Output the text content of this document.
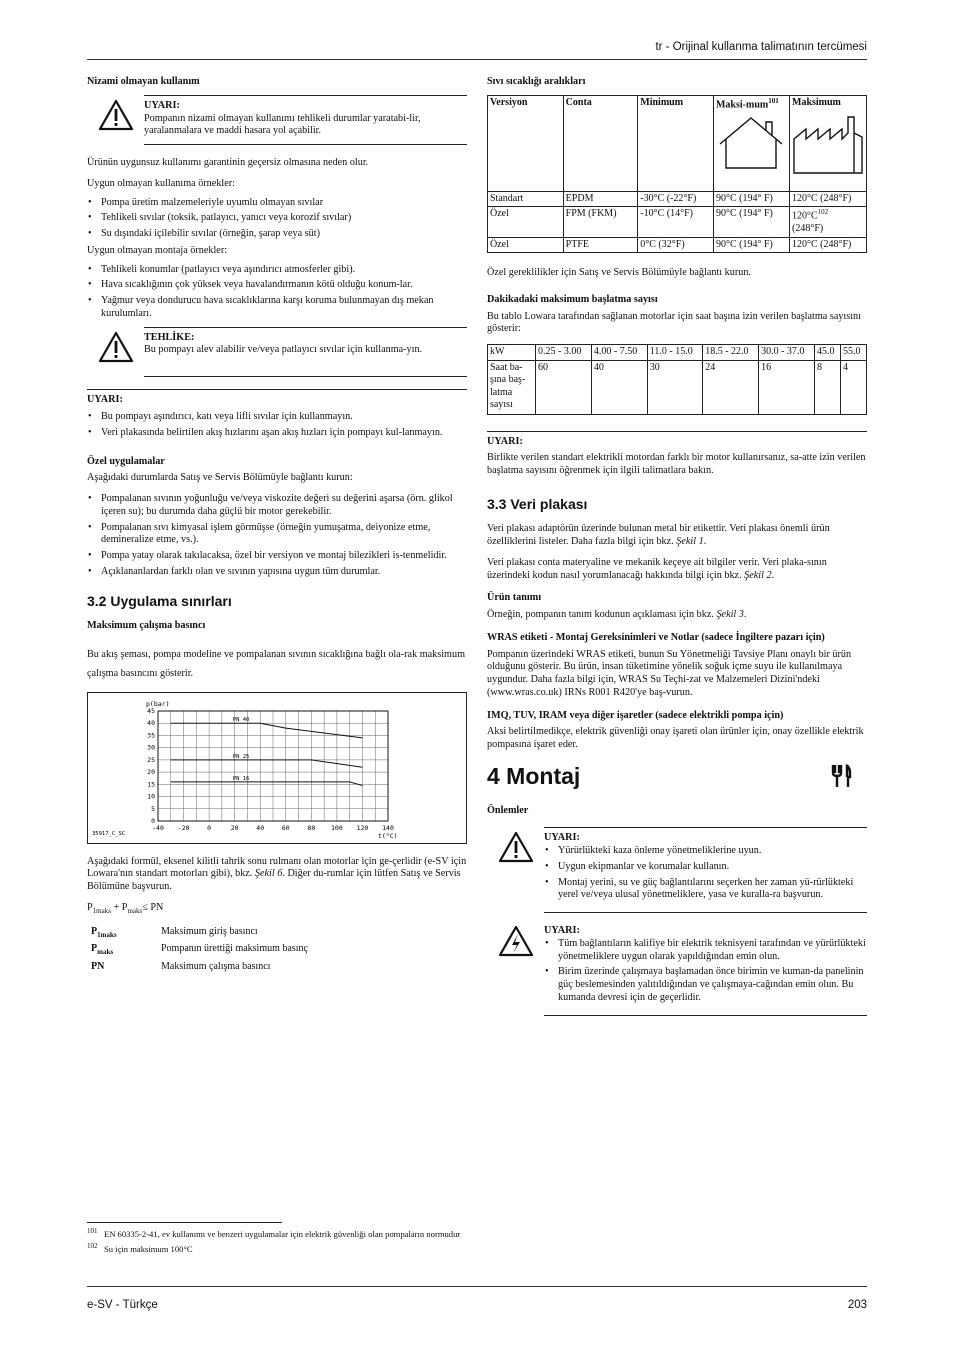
tr - Orijinal kullanma talimatının tercümesi
Nizami olmayan kullanım
UYARI:
Pompanın nizami olmayan kullanımı tehlikeli durumlar yaratabi-lir, yaralanmalara ve maddi hasara yol açabilir.

Ürünün uygunsuz kullanımı garantinin geçersiz olmasına neden olur.

Uygun olmayan kullanıma örnekler:

• Pompa üretim malzemeleriyle uyumlu olmayan sıvılar
• Tehlikeli sıvılar (toksik, patlayıcı, yanıcı veya korozif sıvılar)
• Su dışındaki içilebilir sıvılar (örneğin, şarap veya süt)

Uygun olmayan montaja örnekler:

• Tehlikeli konumlar (patlayıcı veya aşındırıcı atmosferler gibi).
• Hava sıcaklığının çok yüksek veya havalandırmanın kötü olduğu konum-lar.
• Yağmur veya dondurucu hava sıcaklıklarına karşı koruma bulunmayan dış mekan kurulumları.
TEHLİKE:
Bu pompayı alev alabilir ve/veya patlayıcı sıvılar için kullanma-yın.
UYARI:
• Bu pompayı aşındırıcı, katı veya lifli sıvılar için kullanmayın.
• Veri plakasında belirtilen akış hızlarını aşan akış hızları için pompayı kul-lanmayın.
Özel uygulamalar

Aşağıdaki durumlarda Satış ve Servis Bölümüyle bağlantı kurun:

• Pompalanan sıvının yoğunluğu ve/veya viskozite değeri su değerini aşarsa (örn. glikol içeren su); bu durumda daha güçlü bir motor gerekebilir.
• Pompalanan sıvı kimyasal işlem görmüşse (örneğin yumuşatma, deiyonize etme, demineralize etme, vs.).
• Pompa yatay olarak takılacaksa, özel bir versiyon ve montaj bilezikleri is-tenmelidir.
• Açıklananlardan farklı olan ve sıvının yapısına uygun tüm durumlar.
3.2 Uygulama sınırları
Maksimum çalışma basıncı

Bu akış şeması, pompa modeline ve pompalanan sıvının sıcaklığına bağlı ola-rak maksimum çalışma basıncını gösterir.

-40 -20	0	20	40	60	80 100 120 140
0
5
10
15
20
25
30
35
40
45
p(bar)
t(°C)
35917_C_SC
PN 40
PN 25
PN 16

Aşağıdaki formül, eksenel kilitli tahrik sonu rulmanı olan motorlar için ge-çerlidir (e-SV için Lowara'nın standart motorları gibi), bkz. Şekil 6. Diğer du-rumlar için lütfen Satış ve Servis Bölümüne başvurun.

$P_{1maks} + P_{maks}\le$ PN

$P_{1maks}$	Maksimum giriş basıncı
$P_{maks}$	Pompanın ürettiği maksimum basınç
PN	Maksimum çalışma basıncı
Sıvı sıcaklığı aralıkları
Versiyon	Conta	Minimum	Maksi-mum$^{101}$	Maksimum

Standart	EPDM	-30°C (-22°F)	90°C (194° F)	120°C (248°F)
Özel	FPM (FKM)	-10°C (14°F)	90°C (194° F)	$120^\circ C^{102}$
(248°F)

Özel	PTFE	0°C (32°F)	90°C (194° F)	120°C (248°F)

Özel gereklilikler için Satış ve Servis Bölümüyle bağlantı kurun.

Dakikadaki maksimum başlatma sayısı

Bu tablo Lowara tarafından sağlanan motorlar için saat başına izin verilen başlatma sayısını gösterir:

kW	0.25 - 3.00	4.00 - 7.50	11.0 - 15.0	18.5 - 22.0	30.0 - 37.0	45.0	55.0
Saat ba-şına baş-latma sayısı	60	40	30	24	16	8	4
UYARI:

Birlikte verilen standart elektrikli motordan farklı bir motor kullanırsanız, sa-atte izin verilen başlatma sayısını öğrenmek için ilgili talimatlara bakın.

3.3 Veri plakası

Veri plakası adaptörün üzerinde bulunan metal bir etikettir. Veri plakası önemli ürün özelliklerini listeler. Daha fazla bilgi için bkz. Şekil 1.

Veri plakası conta materyaline ve mekanik keçeye ait bilgiler verir. Veri plaka-sının üzerindeki kodun nasıl yorumlanacağı hakkında bilgi için bkz. Şekil 2.

Ürün tanımı

Örneğin, pompanın tanım kodunun açıklaması için bkz. Şekil 3.

WRAS etiketi - Montaj Gereksinimleri ve Notlar (sadece İngiltere pazarı için)

Pompanın üzerindeki WRAS etiketi, bunun Su Yönetmeliği Tavsiye Planı onaylı bir ürün olduğunu gösterir. Bu ürün, insan tüketimine yönelik soğuk içme suyu ile kullanılmaya uygundur. Daha fazla bilgi için, WRAS Su Teçhi-zat ve Malzemeleri Dizini'ndeki (www.wras.co.uk) IRNs R001 R420'ye baş-vurun.

IMQ, TUV, IRAM veya diğer işaretler (sadece elektrikli pompa için)

Aksi belirtilmedikçe, elektrik güvenliği onay işareti olan ürünler için, onay özellikle elektrik pompasına işaret eder.

4 Montaj
Önlemler
UYARI:
• Yürürlükteki kaza önleme yönetmeliklerine uyun.
• Uygun ekipmanlar ve korumalar kullanın.
• Montaj yerini, su ve güç bağlantılarını seçerken her zaman yü-rürlükteki yerel ve/veya ulusal yönetmeliklere, yasa ve kuralla-ra başvurun.
UYARI:
• Tüm bağlantıların kalifiye bir elektrik teknisyeni tarafından ve yürürlükteki yönetmeliklere uygun olarak yapıldığından emin olun.
• Birim üzerinde çalışmaya başlamadan önce birimin ve kuman-da panelinin güç beslemesinden yalıtıldığından ve çalışmaya-cağından emin olun. Bu kumanda devresi için de geçerlidir.
$^{101}$ EN 60335-2-41, ev kullanımı ve benzeri uygulamalar için elektrik güvenliği olan pompaların normudur
$^{102}$ Su için maksimum 100°C
e-SV - Türkçe	203
